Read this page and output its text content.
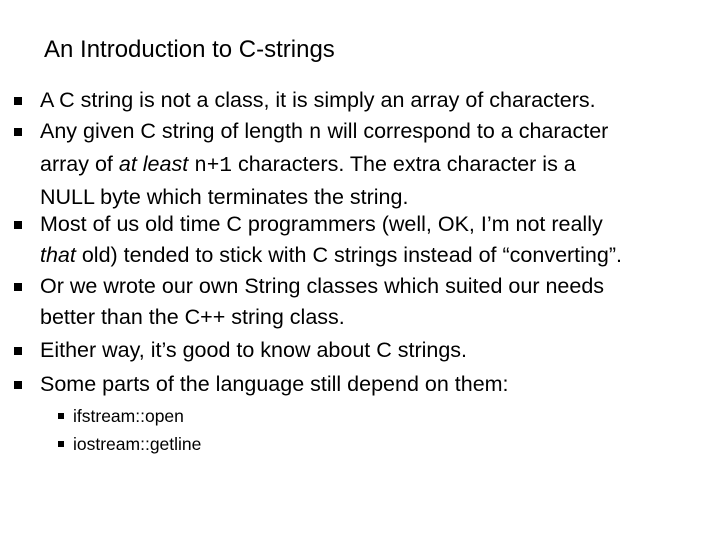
An Introduction to C-strings
A C string is not a class, it is simply an array of characters.
Any given C string of length n will correspond to a character
array of at least n+1 characters. The extra character is a
NULL byte which terminates the string.
Most of us old time C programmers (well, OK, I’m not really
that old) tended to stick with C strings instead of “converting”.
Or we wrote our own String classes which suited our needs
better than the C++ string class.
Either way, it’s good to know about C strings.
Some parts of the language still depend on them:
ifstream::open
iostream::getline
